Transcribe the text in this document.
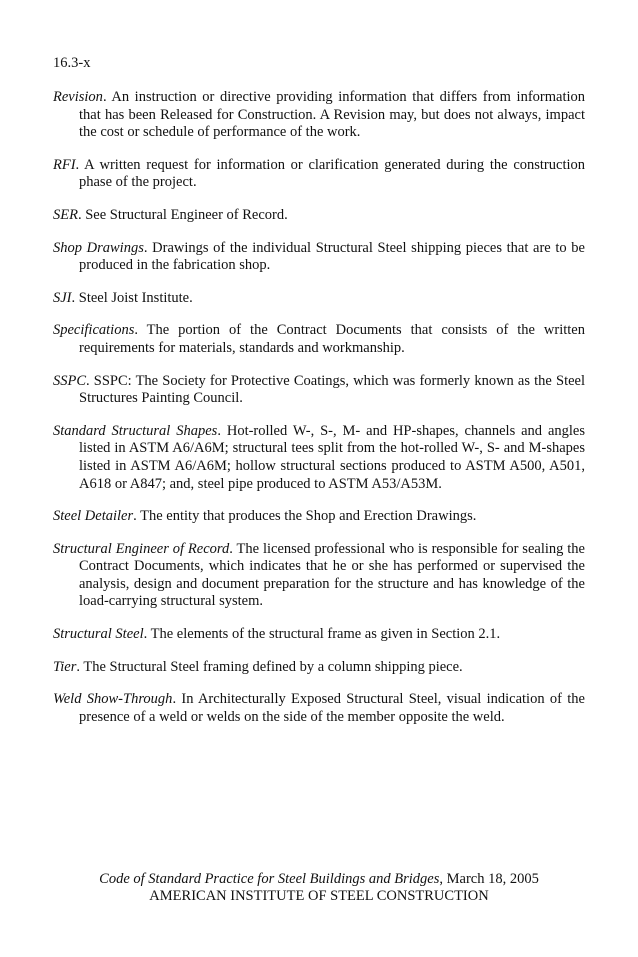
16.3-x

Revision. An instruction or directive providing information that differs from information that has been Released for Construction. A Revision may, but does not always, impact the cost or schedule of performance of the work.

RFI. A written request for information or clarification generated during the construction phase of the project.

SER. See Structural Engineer of Record.

Shop Drawings. Drawings of the individual Structural Steel shipping pieces that are to be produced in the fabrication shop.

SJI. Steel Joist Institute.

Specifications. The portion of the Contract Documents that consists of the written requirements for materials, standards and workmanship.

SSPC. SSPC: The Society for Protective Coatings, which was formerly known as the Steel Structures Painting Council.

Standard Structural Shapes. Hot-rolled W-, S-, M- and HP-shapes, channels and angles listed in ASTM A6/A6M; structural tees split from the hot-rolled W-, S- and M-shapes listed in ASTM A6/A6M; hollow structural sections produced to ASTM A500, A501, A618 or A847; and, steel pipe produced to ASTM A53/A53M.

Steel Detailer. The entity that produces the Shop and Erection Drawings.

Structural Engineer of Record. The licensed professional who is responsible for sealing the Contract Documents, which indicates that he or she has performed or supervised the analysis, design and document preparation for the structure and has knowledge of the load-carrying structural system.

Structural Steel. The elements of the structural frame as given in Section 2.1.

Tier. The Structural Steel framing defined by a column shipping piece.

Weld Show-Through. In Architecturally Exposed Structural Steel, visual indication of the presence of a weld or welds on the side of the member opposite the weld.

Code of Standard Practice for Steel Buildings and Bridges, March 18, 2005
AMERICAN INSTITUTE OF STEEL CONSTRUCTION
